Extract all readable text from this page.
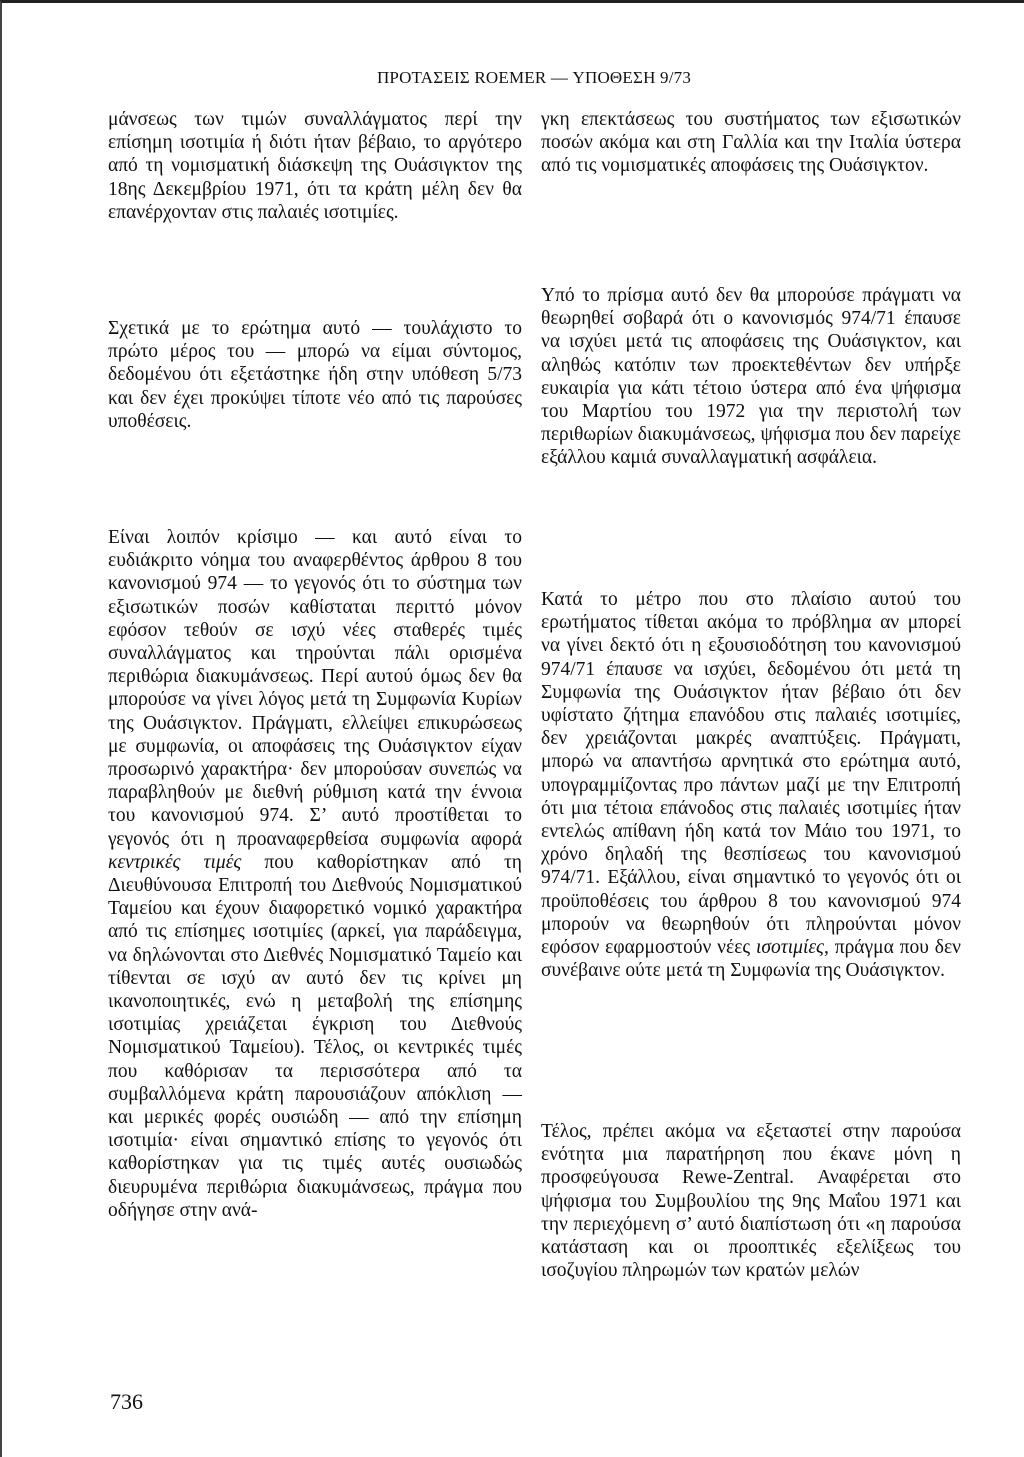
ΠΡΟΤΑΣΕΙΣ ROEMER — ΥΠΟΘΕΣΗ 9/73

μάνσεως των τιμών συναλλάγματος περί την επίσημη ισοτιμία ή διότι ήταν βέβαιο, το αργότερο από τη νομισματική διάσκεψη της Ουάσιγκτον της 18ης Δεκεμβρίου 1971, ότι τα κράτη μέλη δεν θα επανέρχονταν στις παλαιές ισοτιμίες.

Σχετικά με το ερώτημα αυτό — τουλάχιστο το πρώτο μέρος του — μπορώ να είμαι σύντομος, δεδομένου ότι εξετάστηκε ήδη στην υπόθεση 5/73 και δεν έχει προκύψει τίποτε νέο από τις παρούσες υποθέσεις.

Είναι λοιπόν κρίσιμο — και αυτό είναι το ευδιάκριτο νόημα του αναφερθέντος άρθρου 8 του κανονισμού 974 — το γεγονός ότι το σύστημα των εξισωτικών ποσών καθίσταται περιττό μόνον εφόσον τεθούν σε ισχύ νέες σταθερές τιμές συναλλάγματος και τηρούνται πάλι ορισμένα περιθώρια διακυμάνσεως. Περί αυτού όμως δεν θα μπορούσε να γίνει λόγος μετά τη Συμφωνία Κυρίων της Ουάσιγκτον. Πράγματι, ελλείψει επικυρώσεως με συμφωνία, οι αποφάσεις της Ουάσιγκτον είχαν προσωρινό χαρακτήρα· δεν μπορούσαν συνεπώς να παραβληθούν με διεθνή ρύθμιση κατά την έννοια του κανονισμού 974. Σ’ αυτό προστίθεται το γεγονός ότι η προαναφερθείσα συμφωνία αφορά κεντρικές τιμές που καθορίστηκαν από τη Διευθύνουσα Επιτροπή του Διεθνούς Νομισματικού Ταμείου και έχουν διαφορετικό νομικό χαρακτήρα από τις επίσημες ισοτιμίες (αρκεί, για παράδειγμα, να δηλώνονται στο Διεθνές Νομισματικό Ταμείο και τίθενται σε ισχύ αν αυτό δεν τις κρίνει μη ικανοποιητικές, ενώ η μεταβολή της επίσημης ισοτιμίας χρειάζεται έγκριση του Διεθνούς Νομισματικού Ταμείου). Τέλος, οι κεντρικές τιμές που καθόρισαν τα περισσότερα από τα συμβαλλόμενα κράτη παρουσιάζουν απόκλιση — και μερικές φορές ουσιώδη — από την επίσημη ισοτιμία· είναι σημαντικό επίσης το γεγονός ότι καθορίστηκαν για τις τιμές αυτές ουσιωδώς διευρυμένα περιθώρια διακυμάνσεως, πράγμα που οδήγησε στην ανά-

γκη επεκτάσεως του συστήματος των εξισωτικών ποσών ακόμα και στη Γαλλία και την Ιταλία ύστερα από τις νομισματικές αποφάσεις της Ουάσιγκτον.

Υπό το πρίσμα αυτό δεν θα μπορούσε πράγματι να θεωρηθεί σοβαρά ότι ο κανονισμός 974/71 έπαυσε να ισχύει μετά τις αποφάσεις της Ουάσιγκτον, και αληθώς κατόπιν των προεκτεθέντων δεν υπήρξε ευκαιρία για κάτι τέτοιο ύστερα από ένα ψήφισμα του Μαρτίου του 1972 για την περιστολή των περιθωρίων διακυμάνσεως, ψήφισμα που δεν παρείχε εξάλλου καμιά συναλλαγματική ασφάλεια.

Κατά το μέτρο που στο πλαίσιο αυτού του ερωτήματος τίθεται ακόμα το πρόβλημα αν μπορεί να γίνει δεκτό ότι η εξουσιοδότηση του κανονισμού 974/71 έπαυσε να ισχύει, δεδομένου ότι μετά τη Συμφωνία της Ουάσιγκτον ήταν βέβαιο ότι δεν υφίστατο ζήτημα επανόδου στις παλαιές ισοτιμίες, δεν χρειάζονται μακρές αναπτύξεις. Πράγματι, μπορώ να απαντήσω αρνητικά στο ερώτημα αυτό, υπογραμμίζοντας προ πάντων μαζί με την Επιτροπή ότι μια τέτοια επάνοδος στις παλαιές ισοτιμίες ήταν εντελώς απίθανη ήδη κατά τον Μάιο του 1971, το χρόνο δηλαδή της θεσπίσεως του κανονισμού 974/71. Εξάλλου, είναι σημαντικό το γεγονός ότι οι προϋποθέσεις του άρθρου 8 του κανονισμού 974 μπορούν να θεωρηθούν ότι πληρούνται μόνον εφόσον εφαρμοστούν νέες ισοτιμίες, πράγμα που δεν συνέβαινε ούτε μετά τη Συμφωνία της Ουάσιγκτον.

Τέλος, πρέπει ακόμα να εξεταστεί στην παρούσα ενότητα μια παρατήρηση που έκανε μόνη η προσφεύγουσα Rewe-Zentral. Αναφέρεται στο ψήφισμα του Συμβουλίου της 9ης Μαΐου 1971 και την περιεχόμενη σ’ αυτό διαπίστωση ότι «η παρούσα κατάσταση και οι προοπτικές εξελίξεως του ισοζυγίου πληρωμών των κρατών μελών

736
